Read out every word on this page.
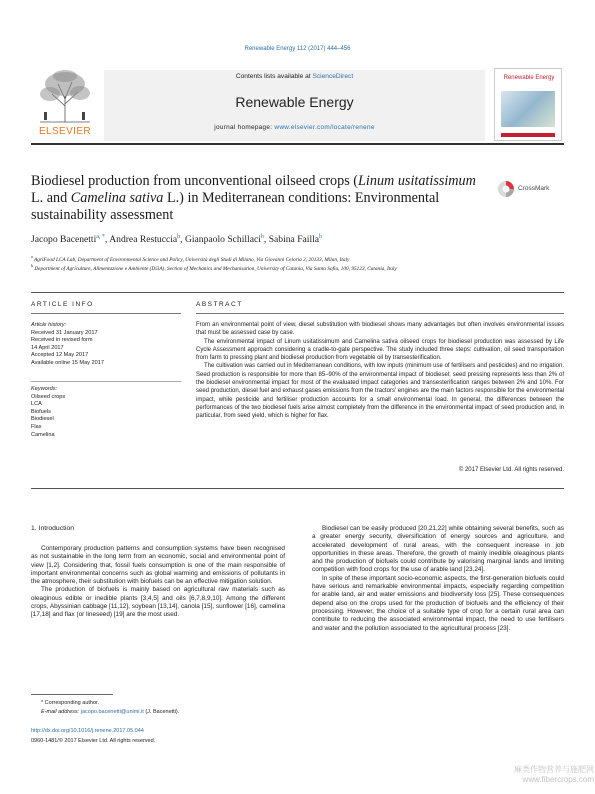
Renewable Energy 112 (2017) 444–456
ELSEVIER
Contents lists available at ScienceDirect
Renewable Energy
journal homepage: www.elsevier.com/locate/renene
Renewable Energy
Biodiesel production from unconventional oilseed crops (Linum usitatissimum L. and Camelina sativa L.) in Mediterranean conditions: Environmental sustainability assessment
CrossMark
Jacopo Bacenetti$^{a, *}$, Andrea Restuccia$^b$, Gianpaolo Schillaci$^b$, Sabina Failla$^b$
$^a$ AgriFood LCA Lab, Department of Environmental Science and Policy, Università degli Studi di Milano, Via Giovanni Celoria 2, 20133, Milan, Italy
$^b$ Department of Agriculture, Alimentazione e Ambiente (Di3A), Section of Mechanics and Mechanisation, University of Catania, Via Santa Sofia, 100, 95123, Catania, Italy
ARTICLE INFO	ABSTRACT
Article history:
Received 31 January 2017
Received in revised form
14 April 2017
Accepted 12 May 2017
Available online 15 May 2017
Keywords:
Oilseed crops
LCA
Biofuels
Biodiesel
Flax
Camelina

From an environmental point of view, diesel substitution with biodiesel shows many advantages but often involves environmental issues that must be assessed case by case.

The environmental impact of Linum usitatissimum and Camelina sativa oilseed crops for biodiesel production was assessed by Life Cycle Assessment approach considering a cradle-to-gate perspective. The study included three steps: cultivation, oil seed transportation from farm to pressing plant and biodiesel production from vegetable oil by transesterification.

The cultivation was carried out in Mediterranean conditions, with low inputs (minimum use of fertilisers and pesticides) and no irrigation. Seed production is responsible for more than 85–90% of the environmental impact of biodiesel; seed pressing represents less than 2% of the biodiesel environmental impact for most of the evaluated impact categories and transesterification ranges between 2% and 10%. For seed production, diesel fuel and exhaust gases emissions from the tractors' engines are the main factors responsible for the environmental impact, while pesticide and fertiliser production accounts for a small environmental load. In general, the differences between the performances of the two biodiesel fuels arise almost completely from the difference in the environmental impact of seed production and, in particular, from seed yield, which is higher for flax.

© 2017 Elsevier Ltd. All rights reserved.
1. Introduction

Contemporary production patterns and consumption systems have been recognised as not sustainable in the long term from an economic, social and environmental point of view [1,2]. Considering that, fossil fuels consumption is one of the main responsible of important environmental concerns such as global warming and emissions of pollutants in the atmosphere, their substitution with biofuels can be an effective mitigation solution.

The production of biofuels is mainly based on agricultural raw materials such as oleaginous edible or inedible plants [3,4,5] and oils [6,7,8,9,10]. Among the different crops, Abyssinian cabbage [11,12], soybean [13,14], canola [15], sunflower [16], camelina [17,18] and flax (or lineseed) [19] are the most used.

Biodiesel can be easily produced [20,21,22] while obtaining several benefits, such as a greater energy security, diversification of energy sources and agriculture, and accelerated development of rural areas, with the consequent increase in job opportunities in these areas. Therefore, the growth of mainly inedible oleaginous plants and the production of biofuels could contribute by valorising marginal lands and limiting competition with food crops for the use of arable land [23,24].

In spite of these important socio-economic aspects, the first-generation biofuels could have serious and remarkable environmental impacts, especially regarding competition for arable land, air and water emissions and biodiversity loss [25]. These consequences depend also on the crops used for the production of biofuels and the efficiency of their processing. However, the choice of a suitable type of crop for a certain rural area can contribute to reducing the associated environmental impact, the need to use fertilisers and water and the pollution associated to the agricultural process [23].

* Corresponding author.
E-mail address: jacopo.bacenetti@unimi.it (J. Bacenetti).
http://dx.doi.org/10.1016/j.renene.2017.05.044
0960-1481/© 2017 Elsevier Ltd. All rights reserved.
麻类作物营养与施肥网
www.fibercrops.com
